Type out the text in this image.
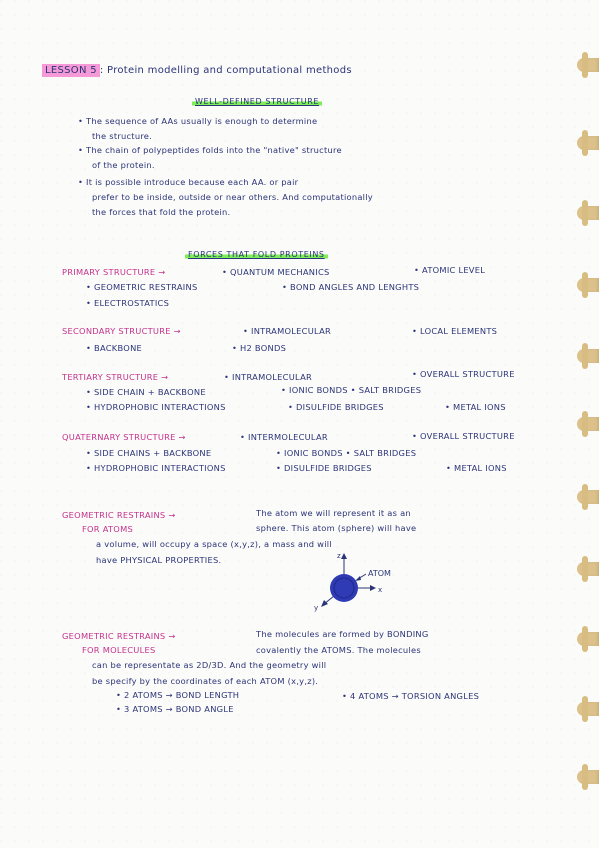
LESSON 5 : Protein modelling and computational methods
WELL-DEFINED STRUCTURE
• The sequence of AAs usually is enough to determine
the structure.
• The chain of polypeptides folds into the "native" structure
of the protein.
• It is possible introduce because each AA. or pair
prefer to be inside, outside or near others. And computationally
the forces that fold the protein.
FORCES THAT FOLD PROTEINS
PRIMARY STRUCTURE →	• QUANTUM MECHANICS	• ATOMIC LEVEL
• GEOMETRIC RESTRAINS	• BOND ANGLES AND LENGHTS
• ELECTROSTATICS
SECONDARY STRUCTURE →	• INTRAMOLECULAR	• LOCAL ELEMENTS
• BACKBONE	• H2 BONDS
TERTIARY STRUCTURE →	• INTRAMOLECULAR	• OVERALL STRUCTURE
• SIDE CHAIN + BACKBONE	• IONIC BONDS • SALT BRIDGES
• HYDROPHOBIC INTERACTIONS	• DISULFIDE BRIDGES	• METAL IONS
QUATERNARY STRUCTURE →	• INTERMOLECULAR	• OVERALL STRUCTURE
• SIDE CHAINS + BACKBONE	• IONIC BONDS • SALT BRIDGES
• HYDROPHOBIC INTERACTIONS	• DISULFIDE BRIDGES	• METAL IONS
GEOMETRIC RESTRAINS →
FOR ATOMS
The atom we will represent it as an
sphere. This atom (sphere) will have
a volume, will occupy a space (x,y,z), a mass and will
have PHYSICAL PROPERTIES.
ATOM
z
x
y
GEOMETRIC RESTRAINS →
FOR MOLECULES
The molecules are formed by BONDING
covalently the ATOMS. The molecules
can be representate as 2D/3D. And the geometry will
be specify by the coordinates of each ATOM (x,y,z).
• 2 ATOMS → BOND LENGTH	• 4 ATOMS → TORSION ANGLES
• 3 ATOMS → BOND ANGLE
